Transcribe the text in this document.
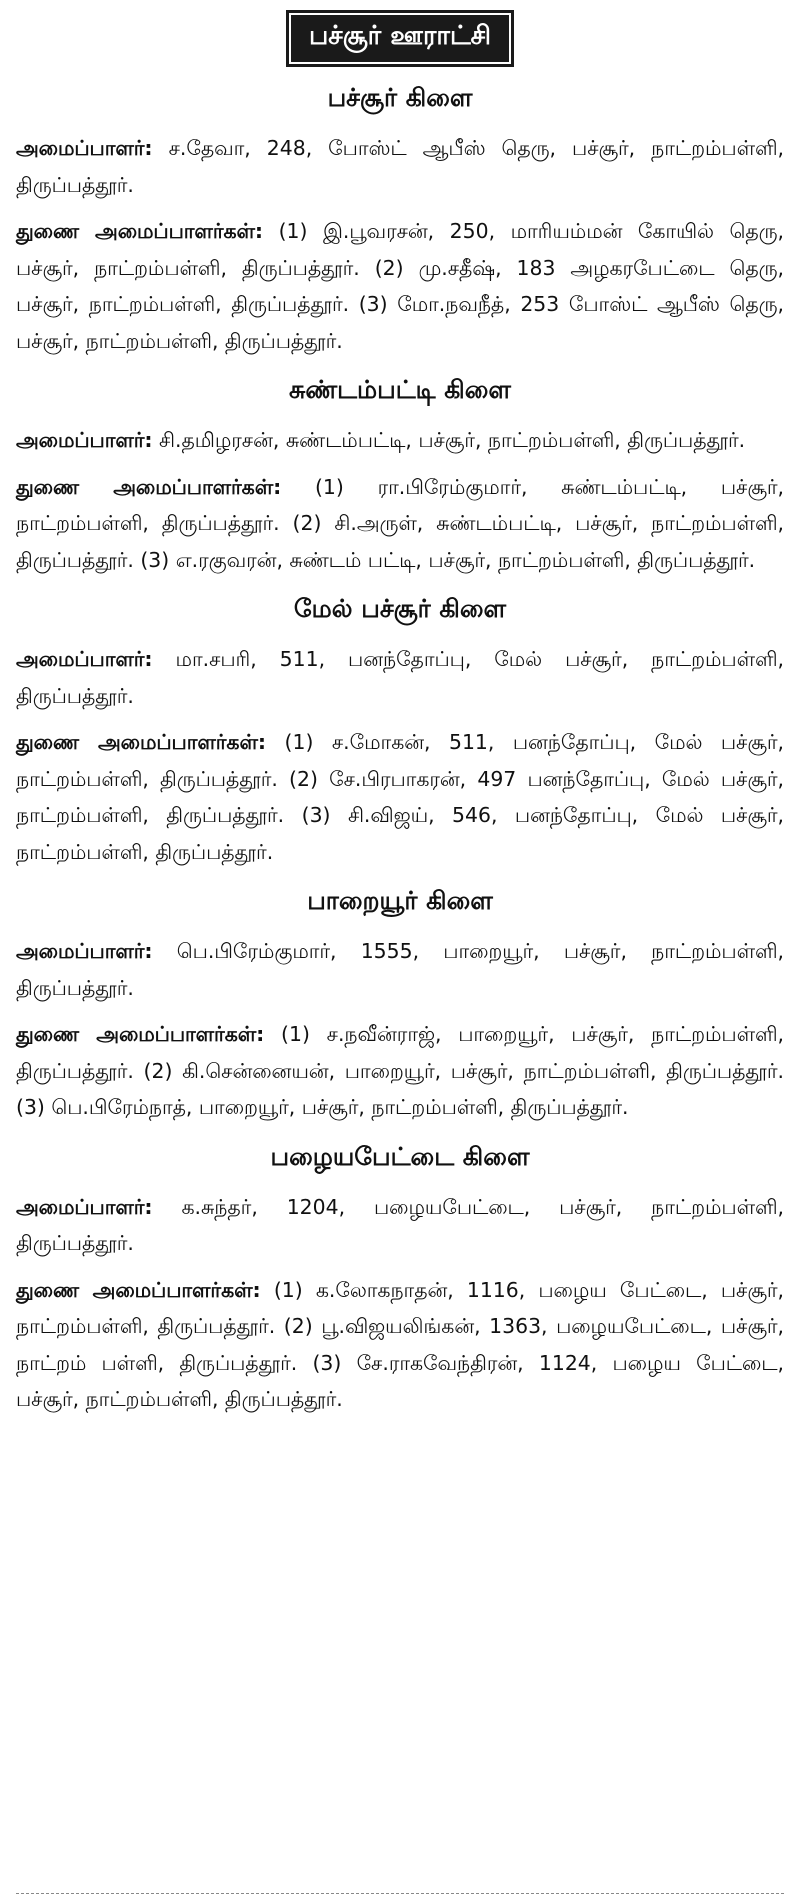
பச்சூர் ஊராட்சி
பச்சூர் கிளை

அமைப்பாளர்: ச.தேவா, 248, போஸ்ட் ஆபீஸ் தெரு, பச்சூர், நாட்றம்பள்ளி, திருப்பத்தூர்.

துணை அமைப்பாளர்கள்: (1) இ.பூவரசன், 250, மாரியம்மன் கோயில் தெரு, பச்சூர், நாட்றம்பள்ளி, திருப்பத்தூர். (2) மு.சதீஷ், 183 அழகரபேட்டை தெரு, பச்சூர், நாட்றம்பள்ளி, திருப்பத்தூர். (3) மோ.நவநீத், 253 போஸ்ட் ஆபீஸ் தெரு, பச்சூர், நாட்றம்பள்ளி, திருப்பத்தூர்.

சுண்டம்பட்டி கிளை

அமைப்பாளர்: சி.தமிழரசன், சுண்டம்பட்டி, பச்சூர், நாட்றம்பள்ளி, திருப்பத்தூர்.

துணை அமைப்பாளர்கள்: (1) ரா.பிரேம்குமார், சுண்டம்பட்டி, பச்சூர், நாட்றம்பள்ளி, திருப்பத்தூர். (2) சி.அருள், சுண்டம்பட்டி, பச்சூர், நாட்றம்பள்ளி, திருப்பத்தூர். (3) எ.ரகுவரன், சுண்டம் பட்டி, பச்சூர், நாட்றம்பள்ளி, திருப்பத்தூர்.

மேல் பச்சூர் கிளை

அமைப்பாளர்: மா.சபரி, 511, பனந்தோப்பு, மேல் பச்சூர், நாட்றம்பள்ளி, திருப்பத்தூர்.

துணை அமைப்பாளர்கள்: (1) ச.மோகன், 511, பனந்தோப்பு, மேல் பச்சூர், நாட்றம்பள்ளி, திருப்பத்தூர். (2) சே.பிரபாகரன், 497 பனந்தோப்பு, மேல் பச்சூர், நாட்றம்பள்ளி, திருப்பத்தூர். (3) சி.விஜய், 546, பனந்தோப்பு, மேல் பச்சூர், நாட்றம்பள்ளி, திருப்பத்தூர்.

பாறையூர் கிளை

அமைப்பாளர்: பெ.பிரேம்குமார், 1555, பாறையூர், பச்சூர், நாட்றம்பள்ளி, திருப்பத்தூர்.

துணை அமைப்பாளர்கள்: (1) ச.நவீன்ராஜ், பாறையூர், பச்சூர், நாட்றம்பள்ளி, திருப்பத்தூர். (2) கி.சென்னையன், பாறையூர், பச்சூர், நாட்றம்பள்ளி, திருப்பத்தூர். (3) பெ.பிரேம்நாத், பாறையூர், பச்சூர், நாட்றம்பள்ளி, திருப்பத்தூர்.

பழையபேட்டை கிளை

அமைப்பாளர்: க.சுந்தர், 1204, பழையபேட்டை, பச்சூர், நாட்றம்பள்ளி, திருப்பத்தூர்.

துணை அமைப்பாளர்கள்: (1) க.லோகநாதன், 1116, பழைய பேட்டை, பச்சூர், நாட்றம்பள்ளி, திருப்பத்தூர். (2) பூ.விஜயலிங்கன், 1363, பழையபேட்டை, பச்சூர், நாட்றம் பள்ளி, திருப்பத்தூர். (3) சே.ராகவேந்திரன், 1124, பழைய பேட்டை, பச்சூர், நாட்றம்பள்ளி, திருப்பத்தூர்.
